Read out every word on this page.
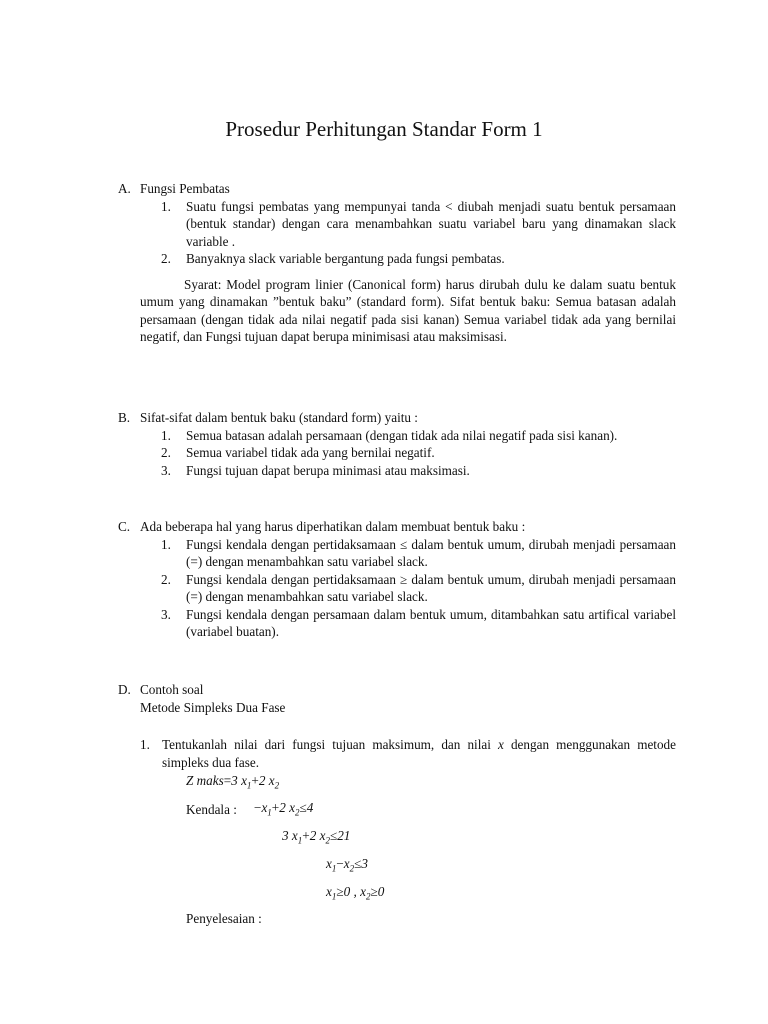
Prosedur Perhitungan Standar Form 1
A. Fungsi Pembatas
1. Suatu fungsi pembatas yang mempunyai tanda < diubah menjadi suatu bentuk persamaan (bentuk standar) dengan cara menambahkan suatu variabel baru yang dinamakan slack variable .
2. Banyaknya slack variable bergantung pada fungsi pembatas.
Syarat: Model program linier (Canonical form) harus dirubah dulu ke dalam suatu bentuk umum yang dinamakan ”bentuk baku” (standard form). Sifat bentuk baku: Semua batasan adalah persamaan (dengan tidak ada nilai negatif pada sisi kanan) Semua variabel tidak ada yang bernilai negatif, dan Fungsi tujuan dapat berupa minimisasi atau maksimisasi.
B. Sifat-sifat dalam bentuk baku (standard form) yaitu :
1. Semua batasan adalah persamaan (dengan tidak ada nilai negatif pada sisi kanan).
2. Semua variabel tidak ada yang bernilai negatif.
3. Fungsi tujuan dapat berupa minimasi atau maksimasi.
C. Ada beberapa hal yang harus diperhatikan dalam membuat bentuk baku :
1. Fungsi kendala dengan pertidaksamaan ≤ dalam bentuk umum, dirubah menjadi persamaan (=) dengan menambahkan satu variabel slack.
2. Fungsi kendala dengan pertidaksamaan ≥ dalam bentuk umum, dirubah menjadi persamaan (=) dengan menambahkan satu variabel slack.
3. Fungsi kendala dengan persamaan dalam bentuk umum, ditambahkan satu artifical variabel (variabel buatan).
D. Contoh soal
Metode Simpleks Dua Fase
1. Tentukanlah nilai dari fungsi tujuan maksimum, dan nilai x dengan menggunakan metode simpleks dua fase.
Z maks=3 $x_1+2$ $x_2$
Kendala : $-x_1+2$ $x_2\le 4$
3 $x_1+2$ $x_2\le 21$
$x_1-x_2\le 3$
$x_1\ge 0$ , $x_2\ge 0$
Penyelesaian :
